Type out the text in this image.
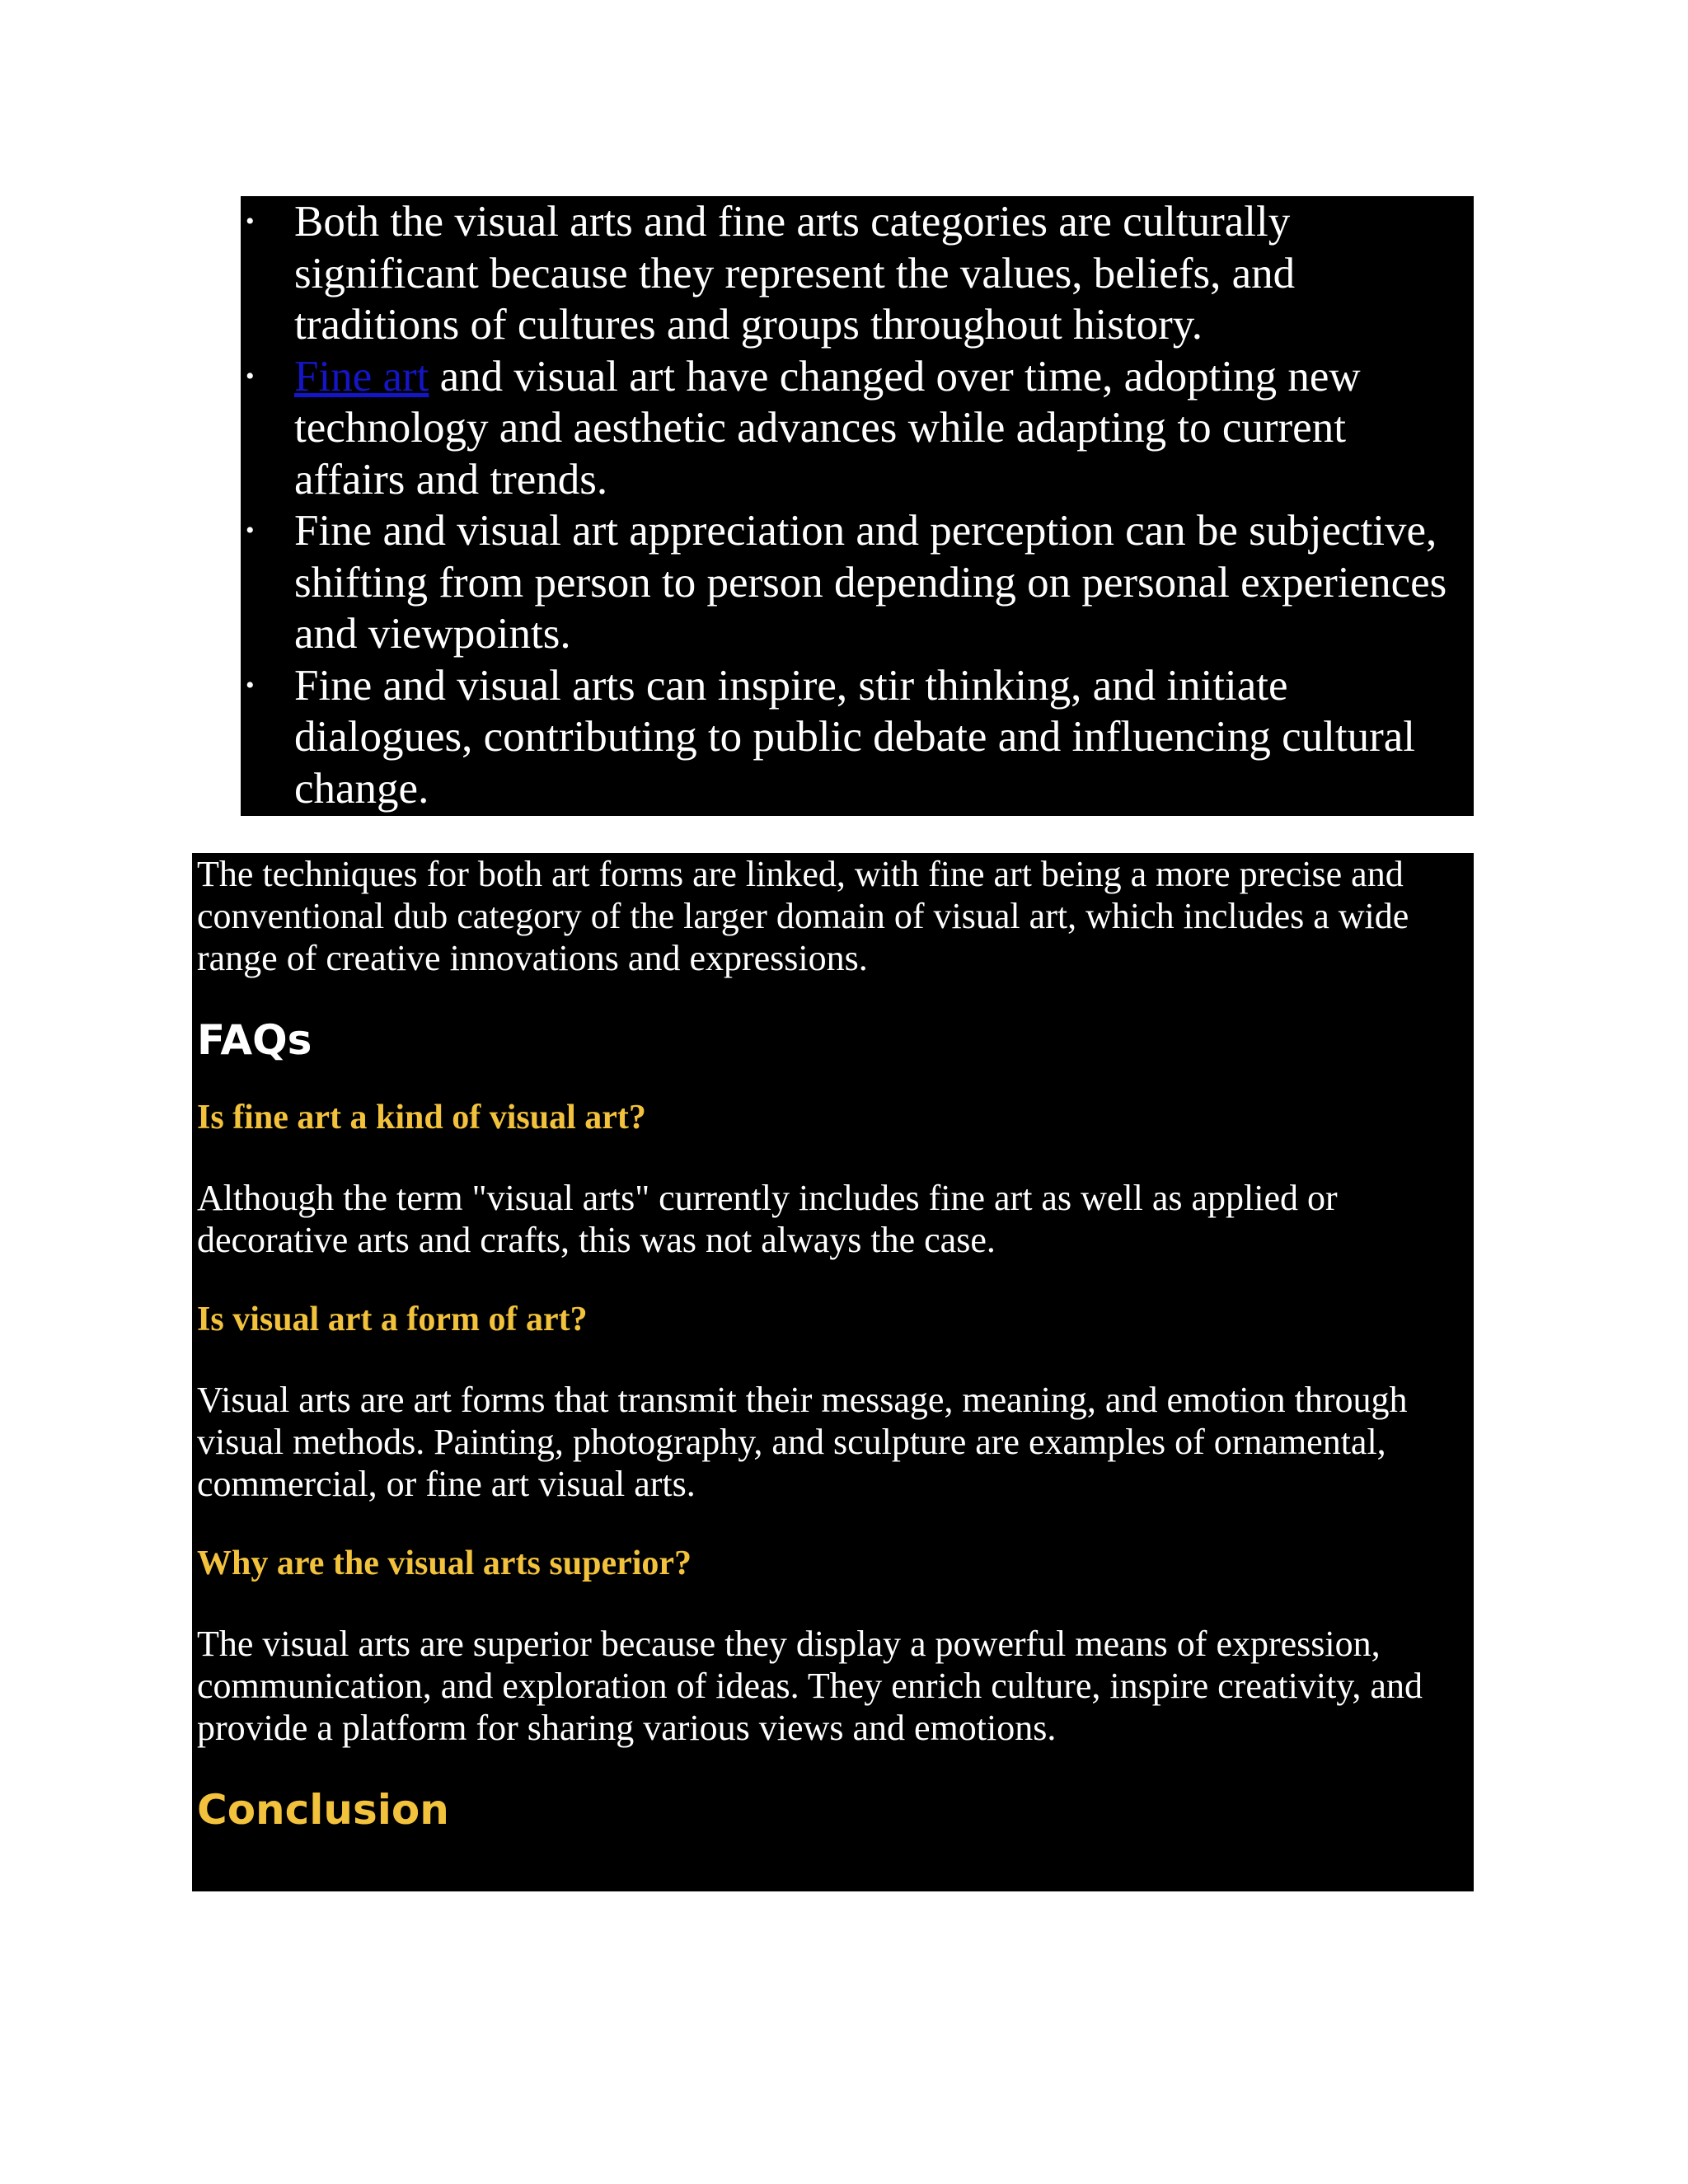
• Both the visual arts and fine arts categories are culturally significant because they represent the values, beliefs, and traditions of cultures and groups throughout history.
• Fine art and visual art have changed over time, adopting new technology and aesthetic advances while adapting to current affairs and trends.
• Fine and visual art appreciation and perception can be subjective, shifting from person to person depending on personal experiences and viewpoints.
• Fine and visual arts can inspire, stir thinking, and initiate dialogues, contributing to public debate and influencing cultural change.

The techniques for both art forms are linked, with fine art being a more precise and conventional dub category of the larger domain of visual art, which includes a wide range of creative innovations and expressions.

FAQs
Is fine art a kind of visual art?

Although the term "visual arts" currently includes fine art as well as applied or decorative arts and crafts, this was not always the case.

Is visual art a form of art?

Visual arts are art forms that transmit their message, meaning, and emotion through visual methods. Painting, photography, and sculpture are examples of ornamental, commercial, or fine art visual arts.

Why are the visual arts superior?

The visual arts are superior because they display a powerful means of expression, communication, and exploration of ideas. They enrich culture, inspire creativity, and provide a platform for sharing various views and emotions.

Conclusion
